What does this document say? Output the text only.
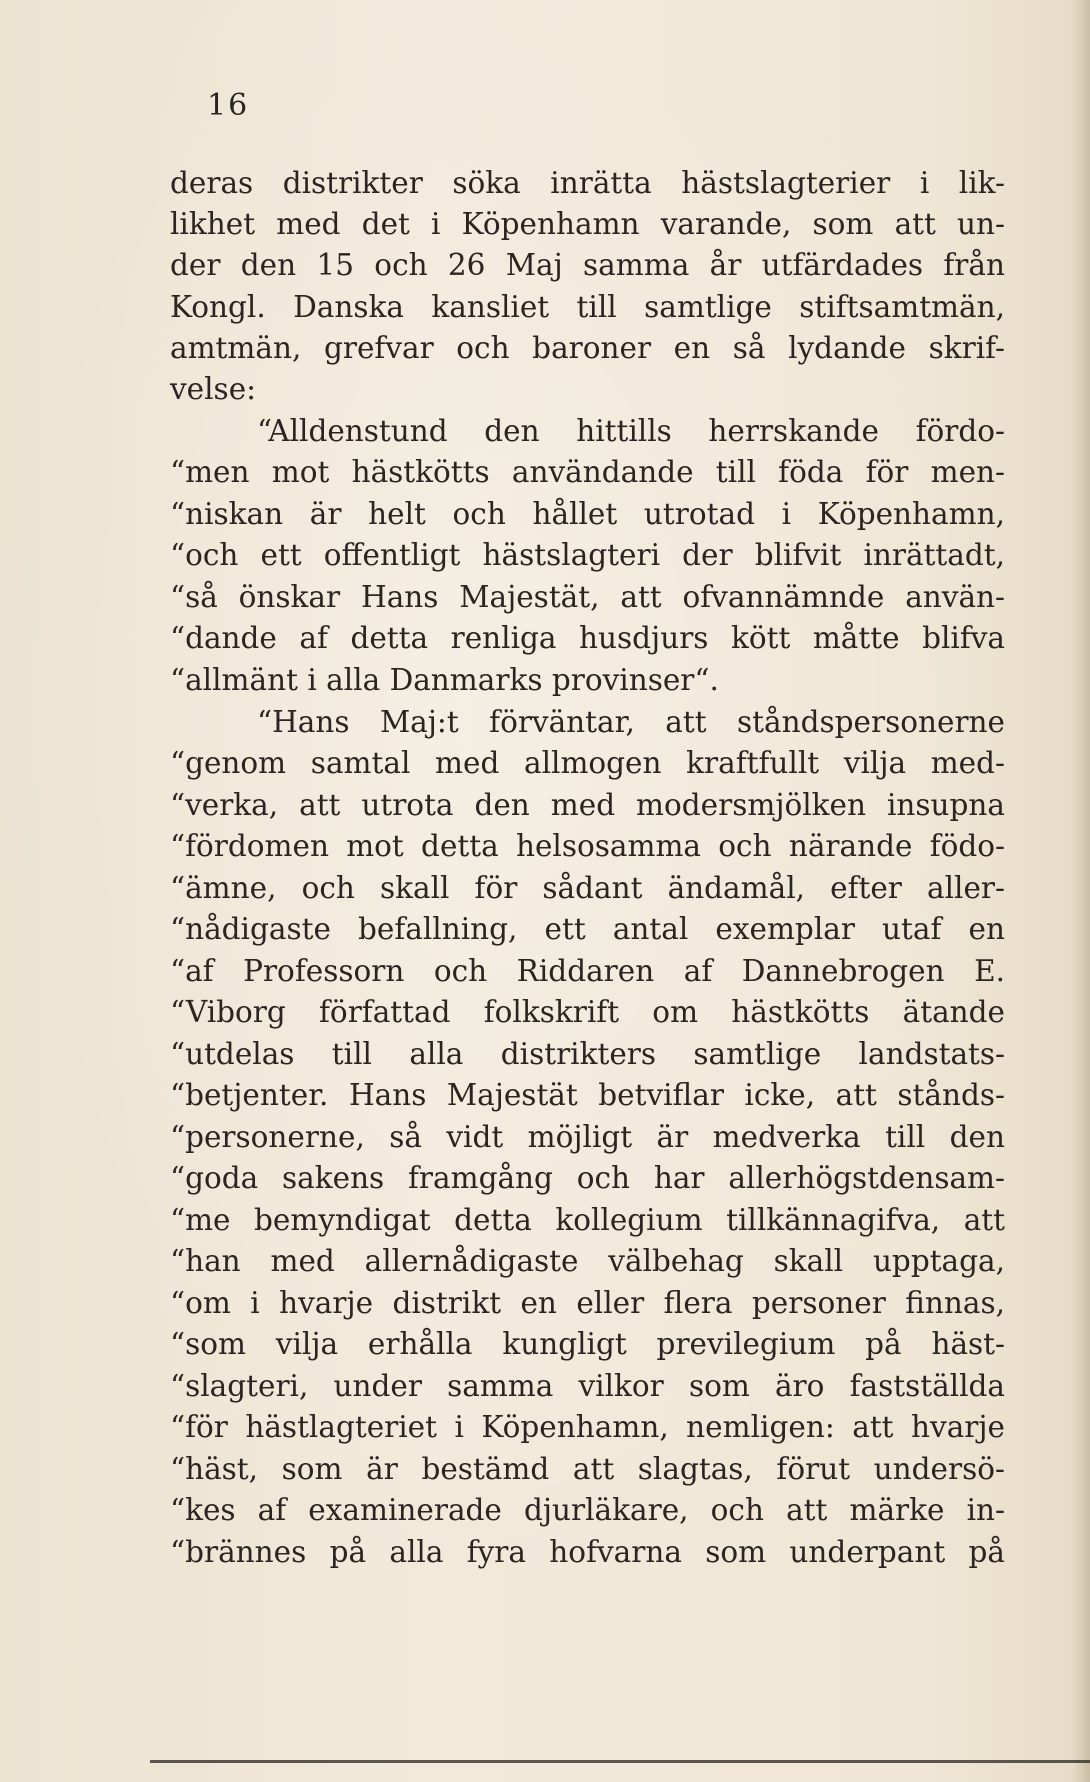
16
deras distrikter söka inrätta hästslagterier i lik-
likhet med det i Köpenhamn varande, som att un-
der den 15 och 26 Maj samma år utfärdades från
Kongl. Danska kansliet till samtlige stiftsamtmän,
amtmän, grefvar och baroner en så lydande skrif-
velse:
“Alldenstund den hittills herrskande fördo-
“men mot hästkötts användande till föda för men-
“niskan är helt och hållet utrotad i Köpenhamn,
“och ett offentligt hästslagteri der blifvit inrättadt,
“så önskar Hans Majestät, att ofvannämnde använ-
“dande af detta renliga husdjurs kött måtte blifva
“allmänt i alla Danmarks provinser“.
“Hans Maj:t förväntar, att ståndspersonerne
“genom samtal med allmogen kraftfullt vilja med-
“verka, att utrota den med modersmjölken insupna
“fördomen mot detta helsosamma och närande födo-
“ämne, och skall för sådant ändamål, efter aller-
“nådigaste befallning, ett antal exemplar utaf en
“af Professorn och Riddaren af Dannebrogen E.
“Viborg författad folkskrift om hästkötts ätande
“utdelas till alla distrikters samtlige landstats-
“betjenter. Hans Majestät betviflar icke, att stånds-
“personerne, så vidt möjligt är medverka till den
“goda sakens framgång och har allerhögstdensam-
“me bemyndigat detta kollegium tillkännagifva, att
“han med allernådigaste välbehag skall upptaga,
“om i hvarje distrikt en eller flera personer finnas,
“som vilja erhålla kungligt previlegium på häst-
“slagteri, under samma vilkor som äro fastställda
“för hästlagteriet i Köpenhamn, nemligen: att hvarje
“häst, som är bestämd att slagtas, förut undersö-
“kes af examinerade djurläkare, och att märke in-
“brännes på alla fyra hofvarna som underpant på
